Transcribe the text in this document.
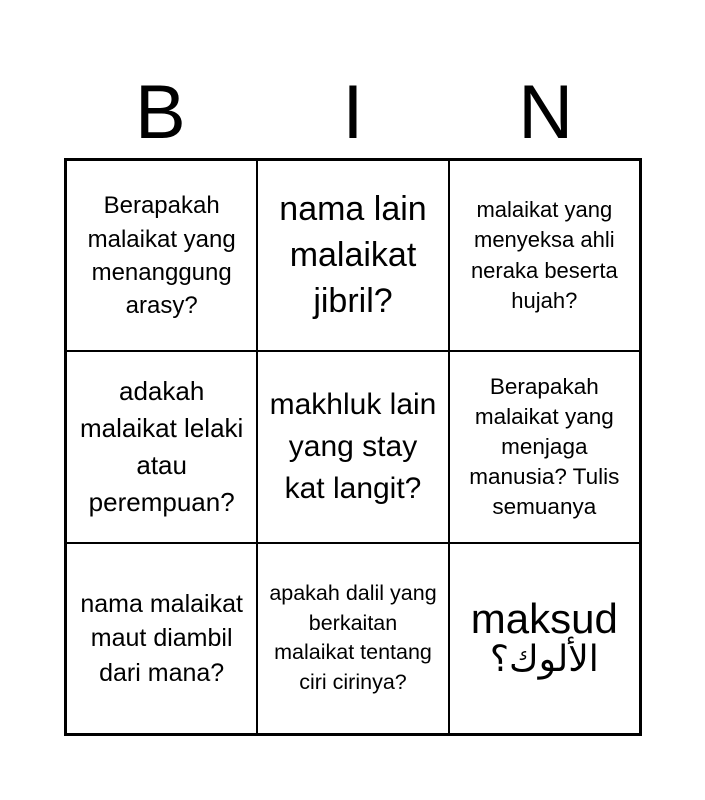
B	I	N
Berapakah malaikat yang menanggung arasy?
nama lain malaikat jibril?
malaikat yang menyeksa ahli neraka beserta hujah?
adakah malaikat lelaki atau perempuan?
makhluk lain yang stay kat langit?
Berapakah malaikat yang menjaga manusia? Tulis semuanya
nama malaikat maut diambil dari mana?
apakah dalil yang berkaitan malaikat tentang ciri cirinya?
maksud
الألوك؟
